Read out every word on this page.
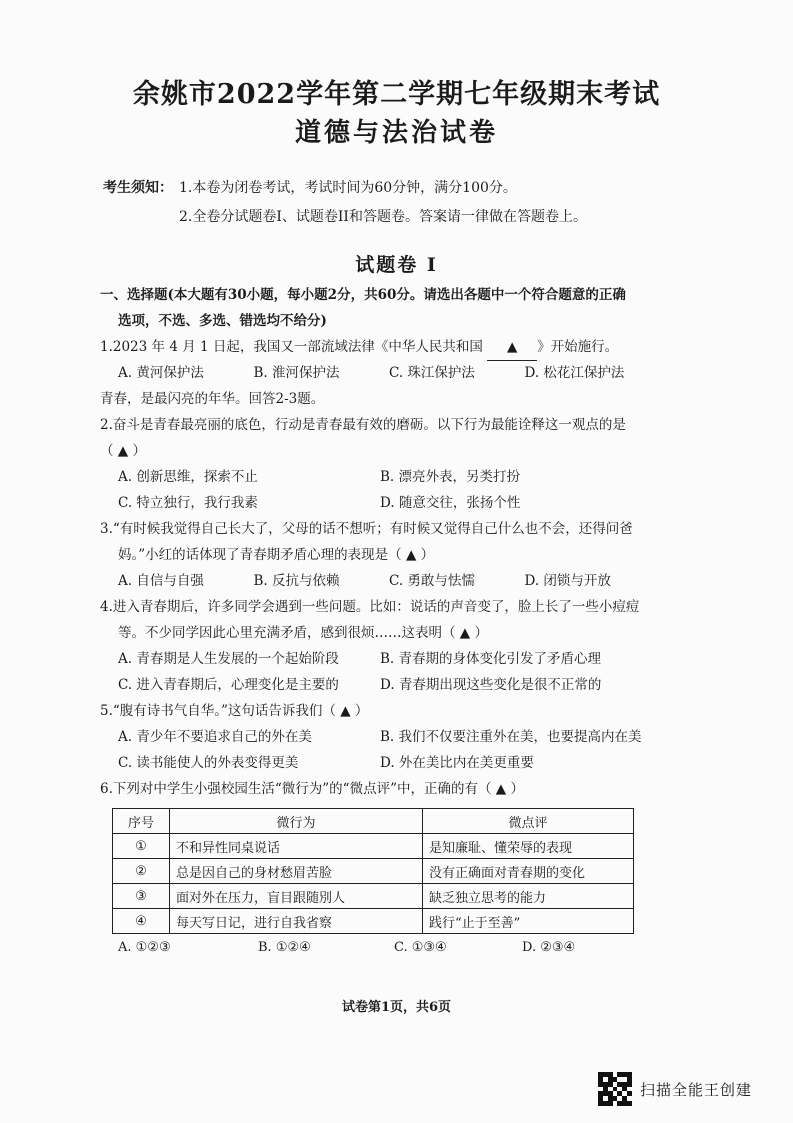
余姚市2022学年第二学期七年级期末考试
道德与法治试卷
考生须知： 1.本卷为闭卷考试，考试时间为60分钟，满分100分。
2.全卷分试题卷I、试题卷II和答题卷。答案请一律做在答题卷上。
试题卷 I
一、选择题(本大题有30小题，每小题2分，共60分。请选出各题中一个符合题意的正确
选项，不选、多选、错选均不给分)
1.2023 年 4 月 1 日起，我国又一部流域法律《中华人民共和国 ▲ 》开始施行。
A. 黄河保护法	B. 淮河保护法	C. 珠江保护法	D. 松花江保护法
青春，是最闪亮的年华。回答2-3题。
2.奋斗是青春最亮丽的底色，行动是青春最有效的磨砺。以下行为最能诠释这一观点的是
（ ▲ ）
A. 创新思维，探索不止	B. 漂亮外表，另类打扮
C. 特立独行，我行我素	D. 随意交往，张扬个性
3.“有时候我觉得自己长大了，父母的话不想听；有时候又觉得自己什么也不会，还得问爸
妈。”小红的话体现了青春期矛盾心理的表现是（ ▲ ）
A. 自信与自强	B. 反抗与依赖	C. 勇敢与怯懦	D. 闭锁与开放
4.进入青春期后，许多同学会遇到一些问题。比如：说话的声音变了，脸上长了一些小痘痘
等。不少同学因此心里充满矛盾，感到很烦……这表明（ ▲ ）
A. 青春期是人生发展的一个起始阶段	B. 青春期的身体变化引发了矛盾心理
C. 进入青春期后，心理变化是主要的	D. 青春期出现这些变化是很不正常的
5.“腹有诗书气自华。”这句话告诉我们（ ▲ ）
A. 青少年不要追求自己的外在美	B. 我们不仅要注重外在美，也要提高内在美
C. 读书能使人的外表变得更美	D. 外在美比内在美更重要
6.下列对中学生小强校园生活“微行为”的“微点评”中，正确的有（ ▲ ）
序号	微行为	微点评
①	不和异性同桌说话	是知廉耻、懂荣辱的表现
②	总是因自己的身材愁眉苦脸	没有正确面对青春期的变化
③	面对外在压力，盲目跟随別人	缺乏独立思考的能力
④	每天写日记，进行自我省察	践行“止于至善”
A. ①②③	B. ①②④	C. ①③④	D. ②③④
试卷第1页，共6页
扫描全能王创建
